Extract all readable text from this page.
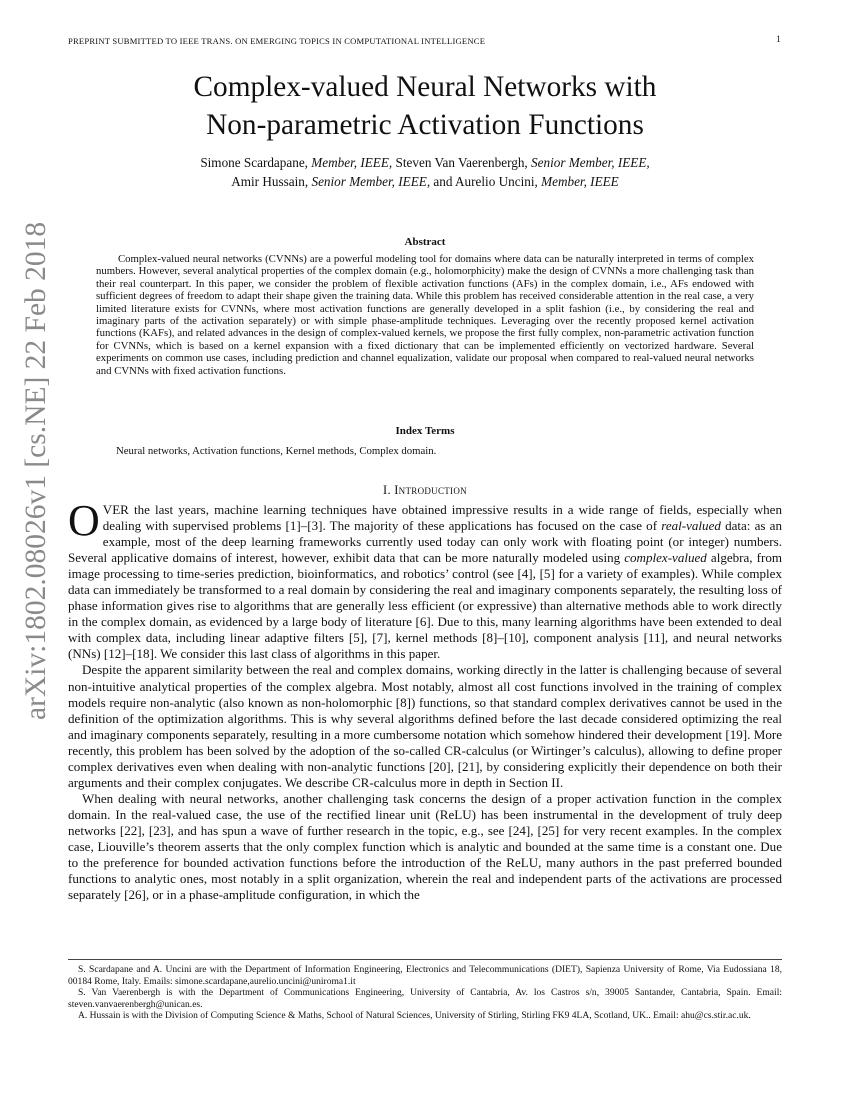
PREPRINT SUBMITTED TO IEEE TRANS. ON EMERGING TOPICS IN COMPUTATIONAL INTELLIGENCE	1
arXiv:1802.08026v1 [cs.NE] 22 Feb 2018
Complex-valued Neural Networks with
Non-parametric Activation Functions
Simone Scardapane, Member, IEEE, Steven Van Vaerenbergh, Senior Member, IEEE,
Amir Hussain, Senior Member, IEEE, and Aurelio Uncini, Member, IEEE
Abstract

Complex-valued neural networks (CVNNs) are a powerful modeling tool for domains where data can be naturally interpreted in terms of complex numbers. However, several analytical properties of the complex domain (e.g., holomorphicity) make the design of CVNNs a more challenging task than their real counterpart. In this paper, we consider the problem of flexible activation functions (AFs) in the complex domain, i.e., AFs endowed with sufficient degrees of freedom to adapt their shape given the training data. While this problem has received considerable attention in the real case, a very limited literature exists for CVNNs, where most activation functions are generally developed in a split fashion (i.e., by considering the real and imaginary parts of the activation separately) or with simple phase-amplitude techniques. Leveraging over the recently proposed kernel activation functions (KAFs), and related advances in the design of complex-valued kernels, we propose the first fully complex, non-parametric activation function for CVNNs, which is based on a kernel expansion with a fixed dictionary that can be implemented efficiently on vectorized hardware. Several experiments on common use cases, including prediction and channel equalization, validate our proposal when compared to real-valued neural networks and CVNNs with fixed activation functions.

Index Terms
Neural networks, Activation functions, Kernel methods, Complex domain.
I. Introduction

OVER the last years, machine learning techniques have obtained impressive results in a wide range of fields, especially when dealing with supervised problems [1]–[3]. The majority of these applications has focused on the case of real-valued data: as an example, most of the deep learning frameworks currently used today can only work with floating point (or integer) numbers. Several applicative domains of interest, however, exhibit data that can be more naturally modeled using complex-valued algebra, from image processing to time-series prediction, bioinformatics, and robotics’ control (see [4], [5] for a variety of examples). While complex data can immediately be transformed to a real domain by considering the real and imaginary components separately, the resulting loss of phase information gives rise to algorithms that are generally less efficient (or expressive) than alternative methods able to work directly in the complex domain, as evidenced by a large body of literature [6]. Due to this, many learning algorithms have been extended to deal with complex data, including linear adaptive filters [5], [7], kernel methods [8]–[10], component analysis [11], and neural networks (NNs) [12]–[18]. We consider this last class of algorithms in this paper.

Despite the apparent similarity between the real and complex domains, working directly in the latter is challenging because of several non-intuitive analytical properties of the complex algebra. Most notably, almost all cost functions involved in the training of complex models require non-analytic (also known as non-holomorphic [8]) functions, so that standard complex derivatives cannot be used in the definition of the optimization algorithms. This is why several algorithms defined before the last decade considered optimizing the real and imaginary components separately, resulting in a more cumbersome notation which somehow hindered their development [19]. More recently, this problem has been solved by the adoption of the so-called CR-calculus (or Wirtinger’s calculus), allowing to define proper complex derivatives even when dealing with non-analytic functions [20], [21], by considering explicitly their dependence on both their arguments and their complex conjugates. We describe CR-calculus more in depth in Section II.

When dealing with neural networks, another challenging task concerns the design of a proper activation function in the complex domain. In the real-valued case, the use of the rectified linear unit (ReLU) has been instrumental in the development of truly deep networks [22], [23], and has spun a wave of further research in the topic, e.g., see [24], [25] for very recent examples. In the complex case, Liouville’s theorem asserts that the only complex function which is analytic and bounded at the same time is a constant one. Due to the preference for bounded activation functions before the introduction of the ReLU, many authors in the past preferred bounded functions to analytic ones, most notably in a split organization, wherein the real and independent parts of the activations are processed separately [26], or in a phase-amplitude configuration, in which the

S. Scardapane and A. Uncini are with the Department of Information Engineering, Electronics and Telecommunications (DIET), Sapienza University of Rome, Via Eudossiana 18, 00184 Rome, Italy. Emails: simone.scardapane,aurelio.uncini@uniroma1.it

S. Van Vaerenbergh is with the Department of Communications Engineering, University of Cantabria, Av. los Castros s/n, 39005 Santander, Cantabria, Spain. Email: steven.vanvaerenbergh@unican.es.

A. Hussain is with the Division of Computing Science & Maths, School of Natural Sciences, University of Stirling, Stirling FK9 4LA, Scotland, UK.. Email: ahu@cs.stir.ac.uk.
